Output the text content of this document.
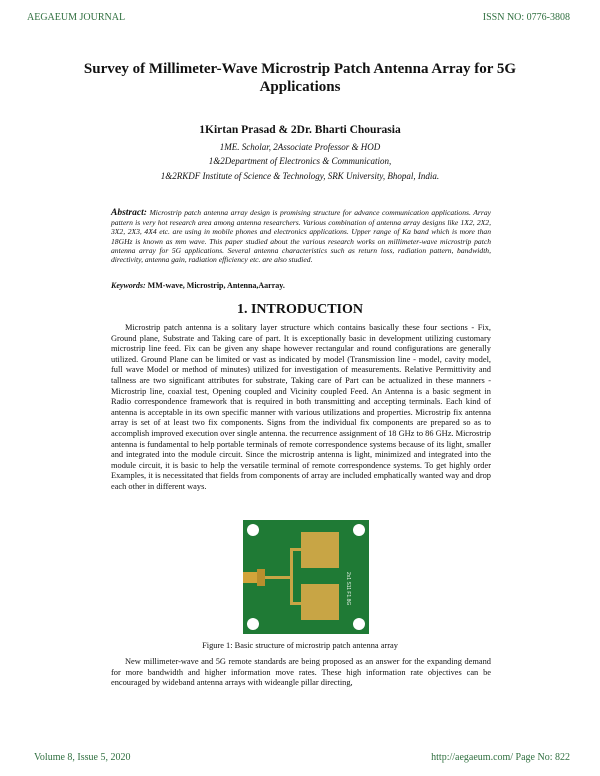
AEGAEUM JOURNAL	ISSN NO: 0776-3808
Survey of Millimeter-Wave Microstrip Patch Antenna Array for 5G Applications
1Kirtan Prasad & 2Dr. Bharti Chourasia
1ME. Scholar, 2Associate Professor & HOD
1&2Department of Electronics & Communication,
1&2RKDF Institute of Science & Technology, SRK University, Bhopal, India.
Abstract: Microstrip patch antenna array design is promising structure for advance communication applications. Array pattern is very hot research area among antenna researchers. Various combination of antenna array designs like 1X2, 2X2, 3X2, 2X3, 4X4 etc. are using in mobile phones and electronics applications. Upper range of Ka band which is more than 18GHz is known as mm wave. This paper studied about the various research works on millimeter-wave microstrip patch antenna array for 5G applications. Several antenna characteristics such as return loss, radiation pattern, bandwidth, directivity, antenna gain, radiation efficiency etc. are also studied.
Keywords: MM-wave, Microstrip, Antenna,Aarray.
1. INTRODUCTION
Microstrip patch antenna is a solitary layer structure which contains basically these four sections - Fix, Ground plane, Substrate and Taking care of part. It is exceptionally basic in development utilizing customary microstrip line feed. Fix can be given any shape however rectangular and round configurations are generally utilized. Ground Plane can be limited or vast as indicated by model (Transmission line - model, cavity model, full wave Model or method of minutes) utilized for investigation of measurements. Relative Permittivity and tallness are two significant attributes for substrate, Taking care of Part can be actualized in these manners - Microstrip line, coaxial test, Opening coupled and Vicinity coupled Feed. An Antenna is a basic segment in Radio correspondence framework that is required in both transmitting and accepting terminals. Each kind of antenna is acceptable in its own specific manner with various utilizations and properties. Microstrip fix antenna array is set of at least two fix components. Signs from the individual fix components are prepared so as to accomplish improved execution over single antenna. the recurrence assignment of 18 GHz to 86 GHz. Microstrip antenna is fundamental to help portable terminals of remote correspondence systems because of its light, smaller and integrated into the module circuit. Since the microstrip antenna is light, minimized and integrated into the module circuit, it is basic to help the versatile terminal of remote correspondence systems. To get highly order Examples, it is necessitated that fields from components of array are included emphatically wanted way and drop each other in different ways.
2x1 S11 F1.8G
Figure 1: Basic structure of microstrip patch antenna array
New millimeter-wave and 5G remote standards are being proposed as an answer for the expanding demand for more bandwidth and higher information move rates. These high information rate objectives can be encouraged by wideband antenna arrays with wideangle pillar directing,
Volume 8, Issue 5, 2020	http://aegaeum.com/ Page No: 822
